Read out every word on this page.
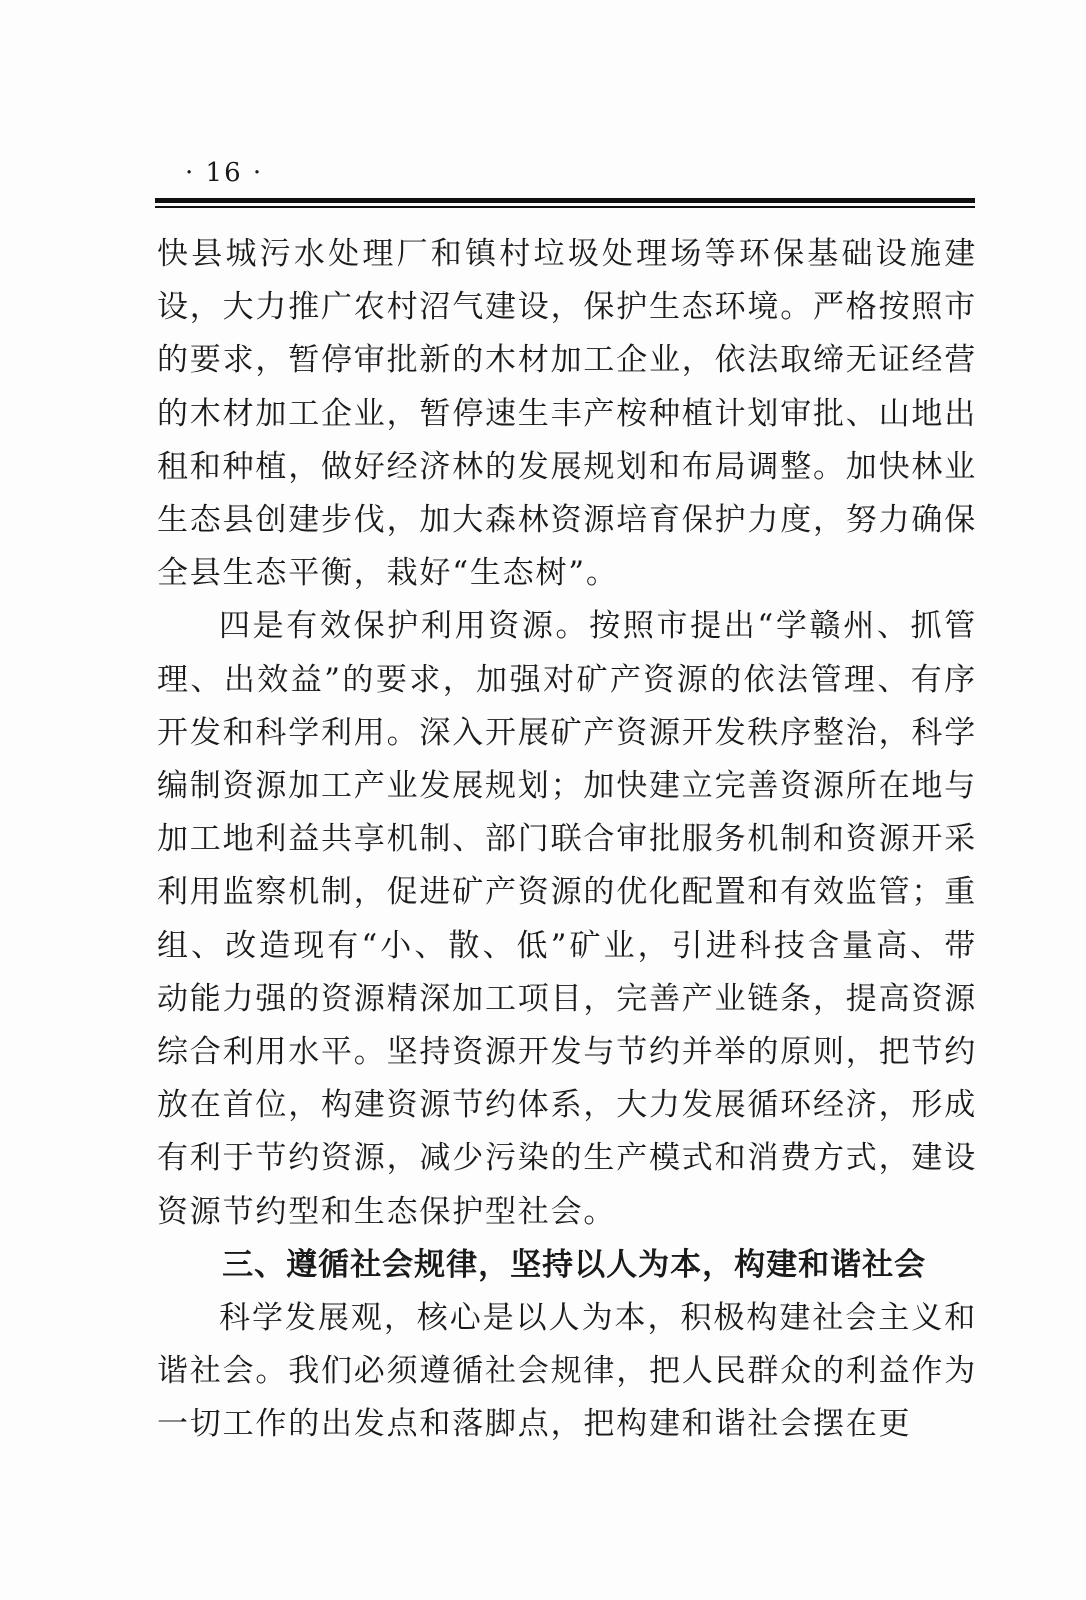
· 16 ·

快县城污水处理厂和镇村垃圾处理场等环保基础设施建设，大力推广农村沼气建设，保护生态环境。严格按照市的要求，暂停审批新的木材加工企业，依法取缔无证经营的木材加工企业，暂停速生丰产桉种植计划审批、山地出租和种植，做好经济林的发展规划和布局调整。加快林业生态县创建步伐，加大森林资源培育保护力度，努力确保全县生态平衡，栽好“生态树”。

四是有效保护利用资源。按照市提出“学赣州、抓管理、出效益”的要求，加强对矿产资源的依法管理、有序开发和科学利用。深入开展矿产资源开发秩序整治，科学编制资源加工产业发展规划；加快建立完善资源所在地与加工地利益共享机制、部门联合审批服务机制和资源开采利用监察机制，促进矿产资源的优化配置和有效监管；重组、改造现有“小、散、低”矿业，引进科技含量高、带动能力强的资源精深加工项目，完善产业链条，提高资源综合利用水平。坚持资源开发与节约并举的原则，把节约放在首位，构建资源节约体系，大力发展循环经济，形成有利于节约资源，减少污染的生产模式和消费方式，建设资源节约型和生态保护型社会。

三、遵循社会规律，坚持以人为本，构建和谐社会

科学发展观，核心是以人为本，积极构建社会主义和谐社会。我们必须遵循社会规律，把人民群众的利益作为一切工作的出发点和落脚点，把构建和谐社会摆在更
